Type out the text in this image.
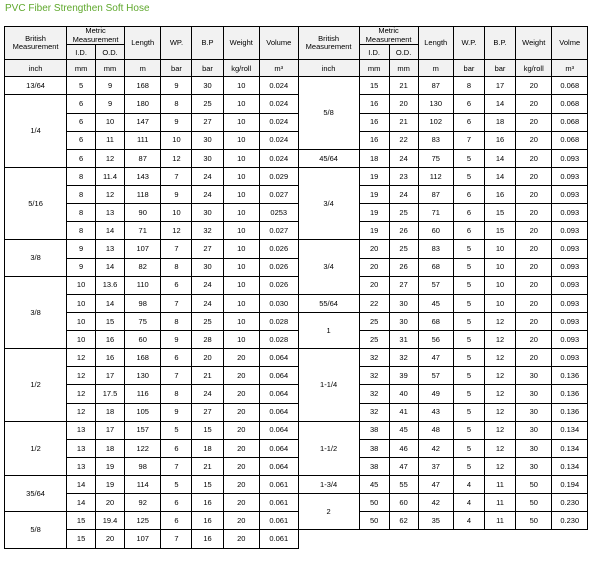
PVC Fiber Strengthen Soft Hose
British Measurement	Metric Measurement		Length	WP.	B.P	Weight	Volume	British Measurement	Metric Measurement		Length	W.P.	B.P.	Weight	Volme
	I.D.	O.D.							I.D.	O.D.					
inch	mm	mm	m	bar	bar	kg/roll	m³	inch	mm	mm	m	bar	bar	kg/roll	m³
13/64	5	9	168	9	30	10	0.024	5/8	15	21	87	8	17	20	0.068
1/4	6	9	180	8	25	10	0.024		16	20	130	6	14	20	0.068
	6	10	147	9	27	10	0.024		16	21	102	6	18	20	0.068
	6	11	111	10	30	10	0.024		16	22	83	7	16	20	0.068
	6	12	87	12	30	10	0.024	45/64	18	24	75	5	14	20	0.093
5/16	8	11.4	143	7	24	10	0.029	3/4	19	23	112	5	14	20	0.093
	8	12	118	9	24	10	0.027		19	24	87	6	16	20	0.093
	8	13	90	10	30	10	0253		19	25	71	6	15	20	0.093
	8	14	71	12	32	10	0.027		19	26	60	6	15	20	0.093
3/8	9	13	107	7	27	10	0.026	3/4	20	25	83	5	10	20	0.093
	9	14	82	8	30	10	0.026		20	26	68	5	10	20	0.093
3/8	10	13.6	110	6	24	10	0.026		20	27	57	5	10	20	0.093
	10	14	98	7	24	10	0.030	55/64	22	30	45	5	10	20	0.093
	10	15	75	8	25	10	0.028	1	25	30	68	5	12	20	0.093
	10	16	60	9	28	10	0.028		25	31	56	5	12	20	0.093
1/2	12	16	168	6	20	20	0.064	1-1/4	32	32	47	5	12	20	0.093
	12	17	130	7	21	20	0.064		32	39	57	5	12	30	0.136
	12	17.5	116	8	24	20	0.064		32	40	49	5	12	30	0.136
	12	18	105	9	27	20	0.064		32	41	43	5	12	30	0.136
1/2	13	17	157	5	15	20	0.064	1-1/2	38	45	48	5	12	30	0.134
	13	18	122	6	18	20	0.064		38	46	42	5	12	30	0.134
	13	19	98	7	21	20	0.064		38	47	37	5	12	30	0.134
35/64	14	19	114	5	15	20	0.061	1-3/4	45	55	47	4	11	50	0.194
	14	20	92	6	16	20	0.061	2	50	60	42	4	11	50	0.230
5/8	15	19.4	125	6	16	20	0.061		50	62	35	4	11	50	0.230
	15	20	107	7	16	20	0.061								
